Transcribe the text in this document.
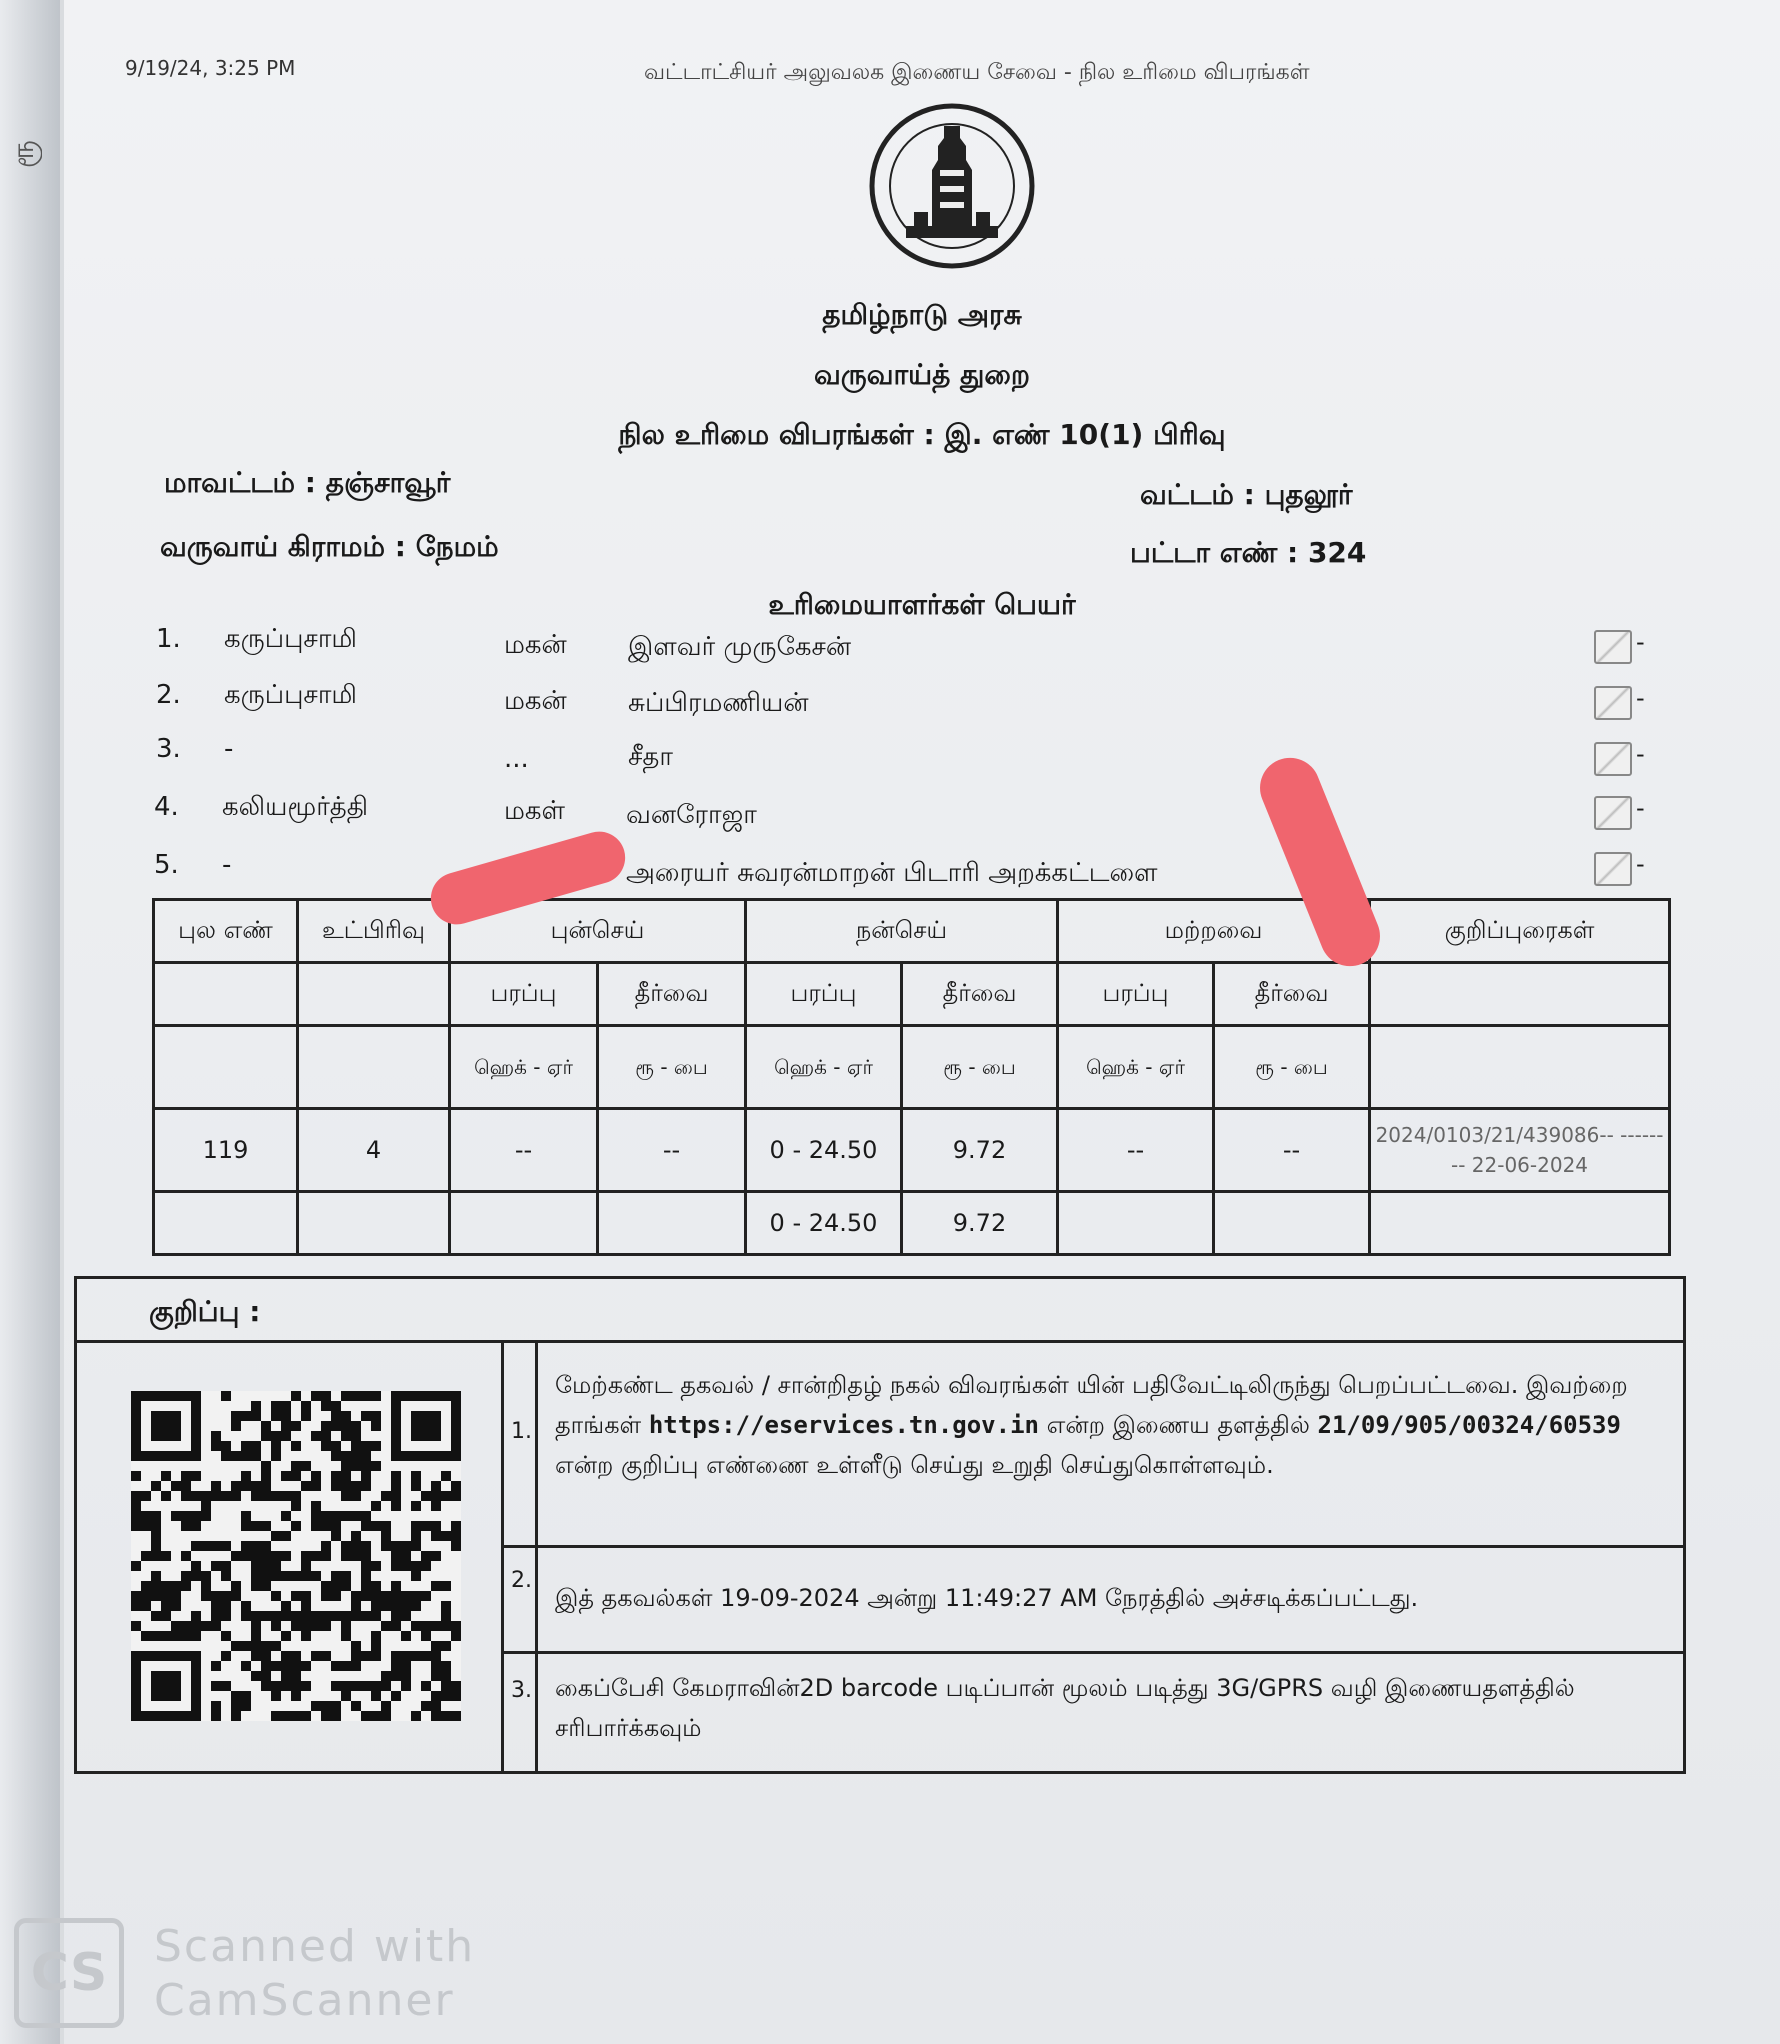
ரூ
9/19/24, 3:25 PM	வட்டாட்சியர் அலுவலக இணைய சேவை - நில உரிமை விபரங்கள்
தமிழ்நாடு அரசு
வருவாய்த் துறை
நில உரிமை விபரங்கள் : இ. எண் 10(1) பிரிவு
மாவட்டம் : தஞ்சாவூர்	வட்டம் : புதலூர்
வருவாய் கிராமம் : நேமம்	பட்டா எண் : 324
உரிமையாளர்கள் பெயர்
1. கருப்புசாமி	மகன் இளவர் முருகேசன்
-
2. கருப்புசாமி	மகன் சுப்பிரமணியன்
-
3. -	...	சீதா
-
4. கலியமூர்த்தி	மகள் வனரோஜா
-
5. -	அரையர் சுவரன்மாறன் பிடாரி அறக்கட்டளை
-
புல எண்	உட்பிரிவு	புன்செய்		நன்செய்		மற்றவை		குறிப்புரைகள்
		பரப்பு	தீர்வை	பரப்பு	தீர்வை	பரப்பு	தீர்வை	
		ஹெக் - ஏர்	ரூ - பை	ஹெக் - ஏர்	ரூ - பை	ஹெக் - ஏர்	ரூ - பை	
119	4	--	--	0 - 24.50	9.72	--	--	2024/0103/21/439086-- -------- 22-06-2024
				0 - 24.50	9.72			
குறிப்பு :
1.
மேற்கண்ட தகவல் / சான்றிதழ் நகல் விவரங்கள் யின் பதிவேட்டிலிருந்து பெறப்பட்டவை. இவற்றை தாங்கள் https://eservices.tn.gov.in என்ற இணைய தளத்தில் 21/09/905/00324/60539 என்ற குறிப்பு எண்ணை உள்ளீடு செய்து உறுதி செய்துகொள்ளவும்.
2.
இத் தகவல்கள் 19-09-2024 அன்று 11:49:27 AM நேரத்தில் அச்சடிக்கப்பட்டது.
3. கைப்பேசி கேமராவின்2D barcode படிப்பான் மூலம் படித்து 3G/GPRS வழி இணையதளத்தில் சரிபார்க்கவும்
CS	Scanned with
CamScanner
